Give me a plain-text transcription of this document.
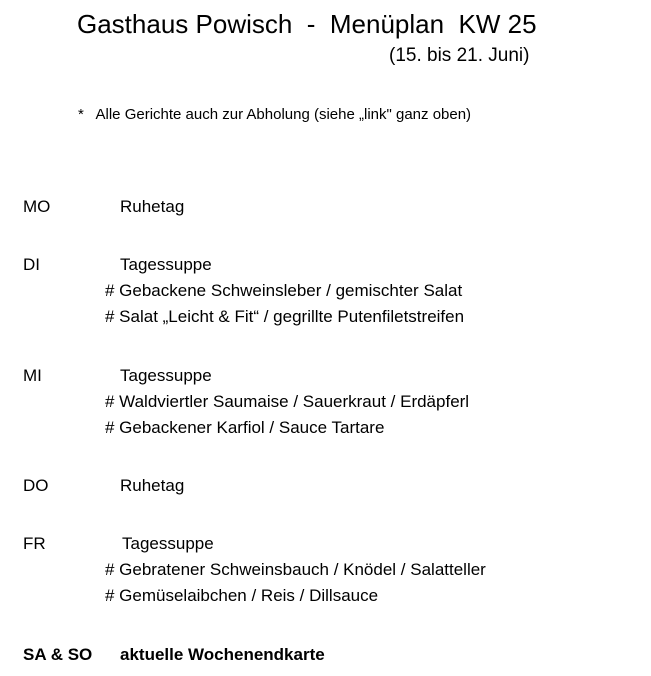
Gasthaus Powisch  -  Menüplan  KW 25
(15. bis 21. Juni)
*   Alle Gerichte auch zur Abholung (siehe „link" ganz oben)
MO	Ruhetag
DI	Tagessuppe
# Gebackene Schweinsleber / gemischter Salat
# Salat „Leicht & Fit“ / gegrillte Putenfiletstreifen
MI	Tagessuppe
# Waldviertler Saumaise / Sauerkraut / Erdäpferl
# Gebackener Karfiol / Sauce Tartare
DO	Ruhetag
FR	Tagessuppe
# Gebratener Schweinsbauch / Knödel / Salatteller
# Gemüselaibchen / Reis / Dillsauce
SA & SO aktuelle Wochenendkarte
